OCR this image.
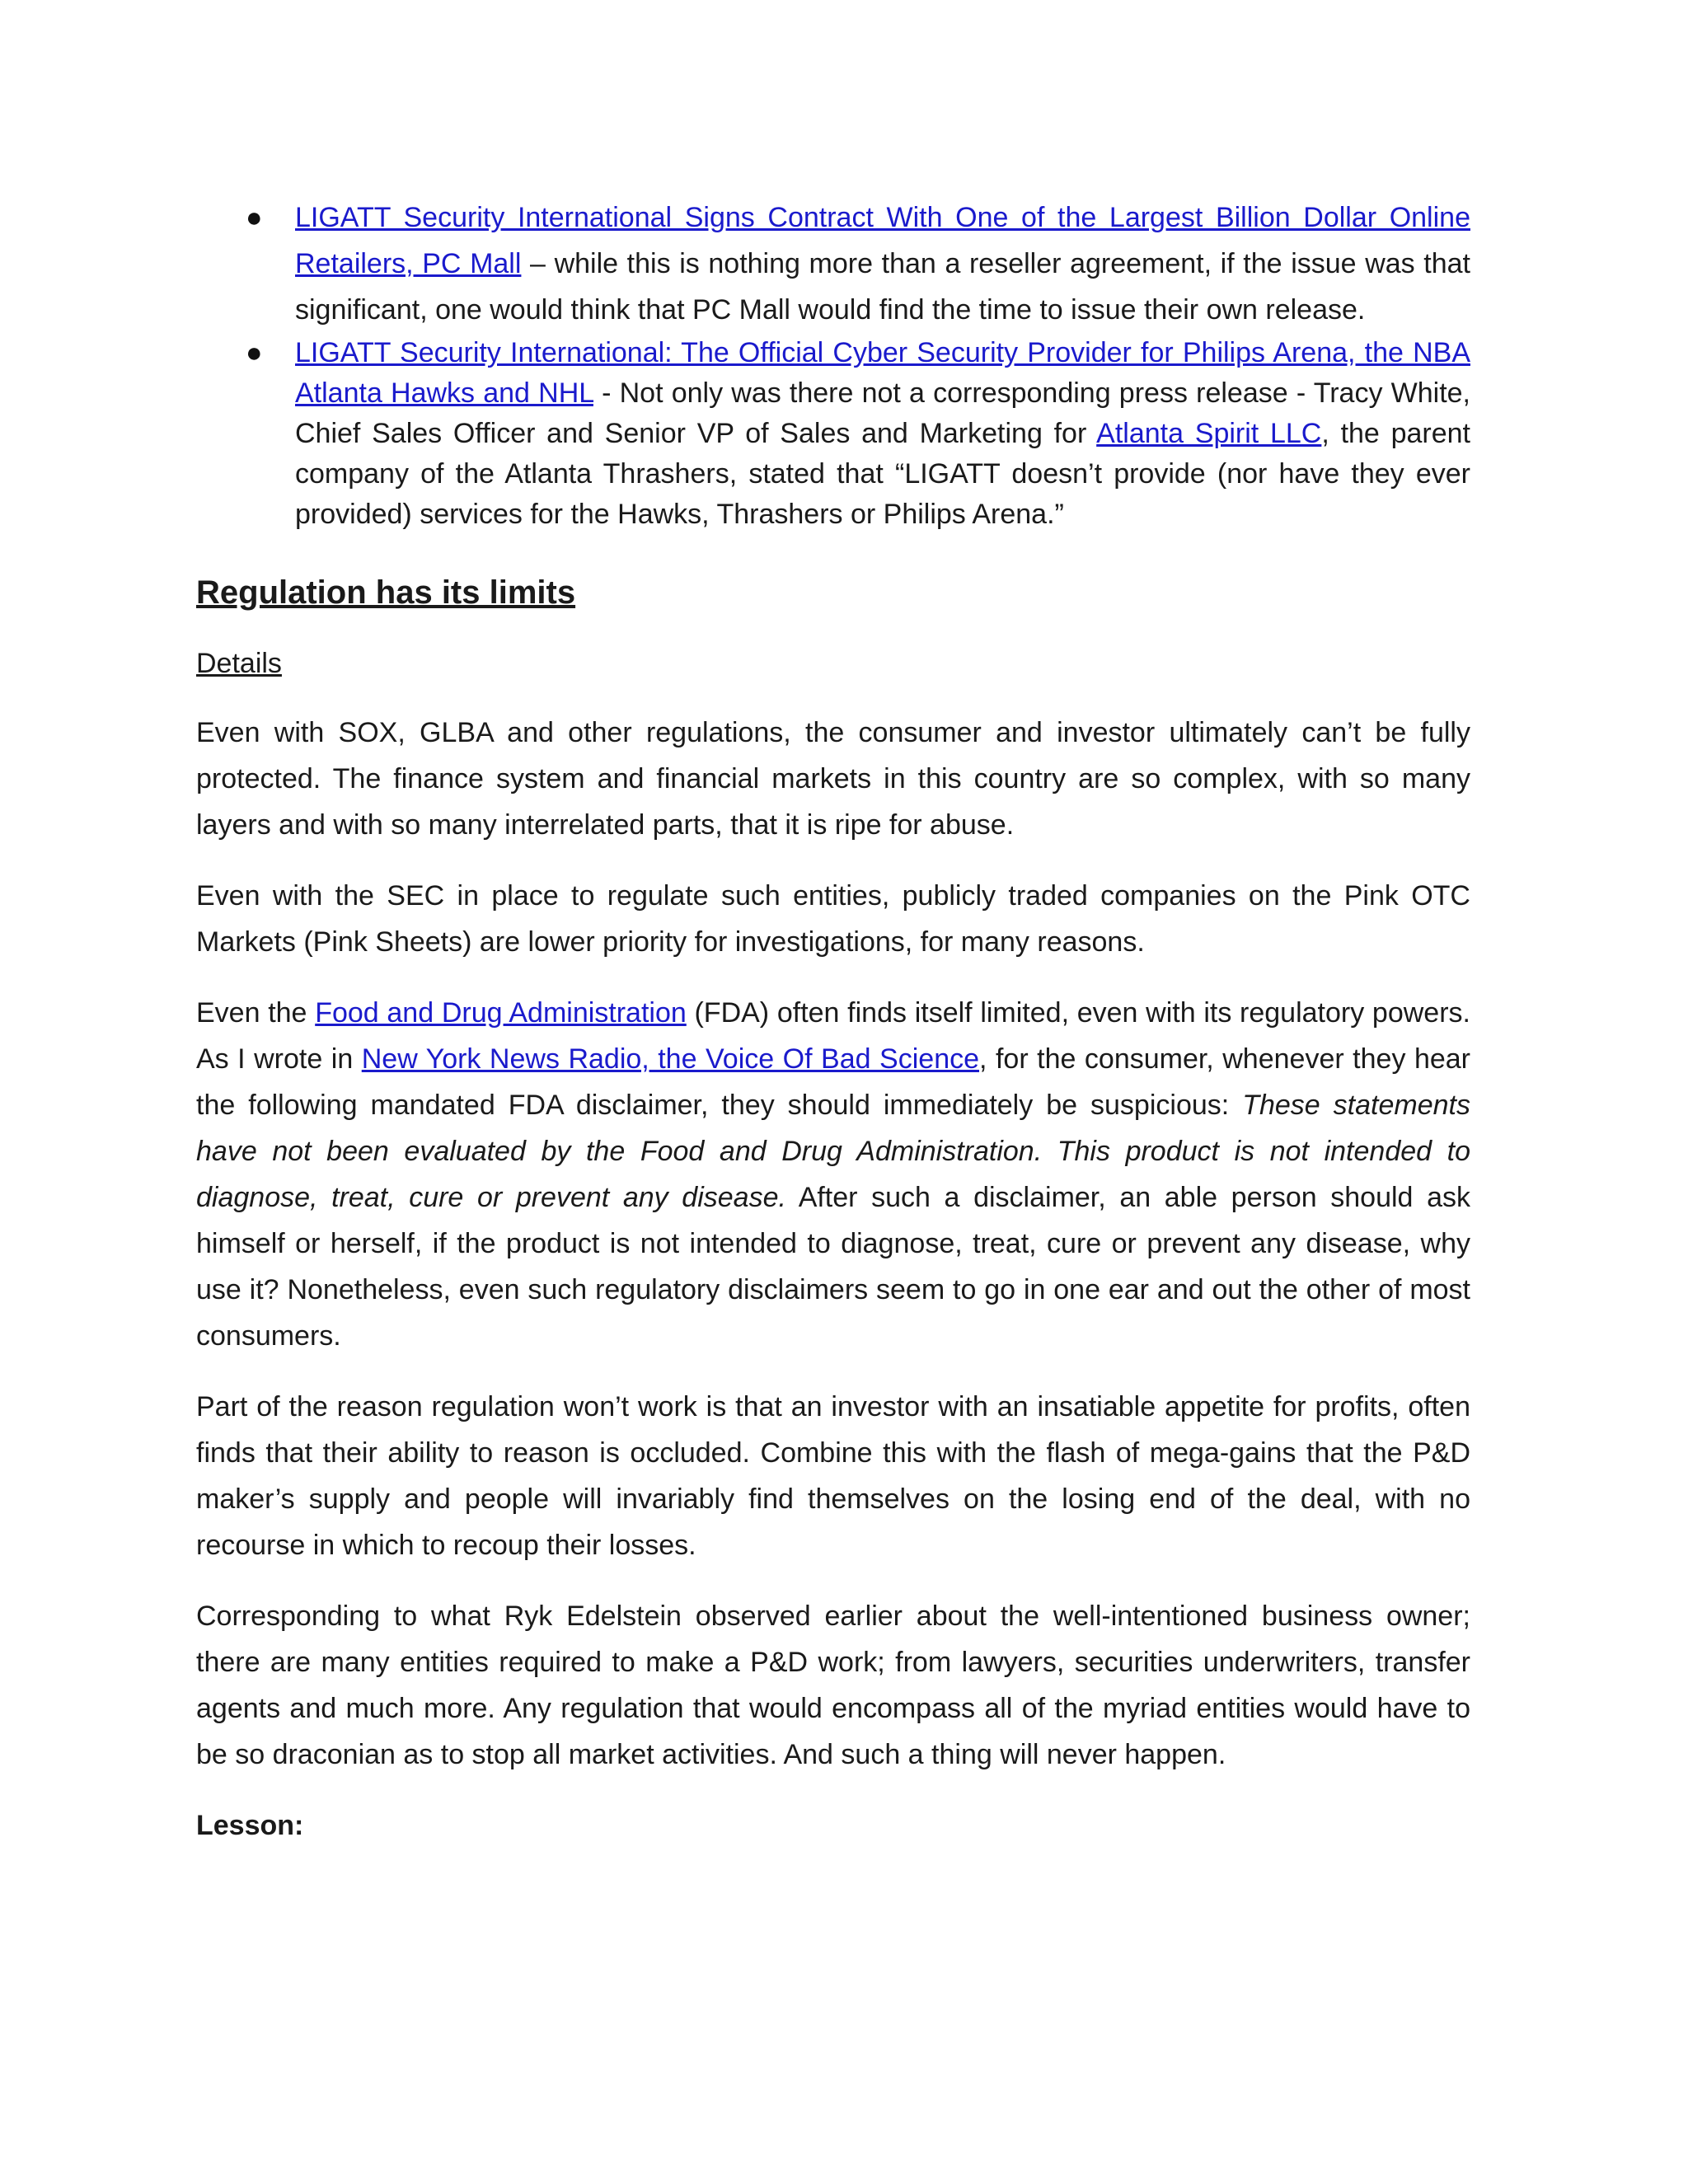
● LIGATT Security International Signs Contract With One of the Largest Billion Dollar Online Retailers, PC Mall – while this is nothing more than a reseller agreement, if the issue was that significant, one would think that PC Mall would find the time to issue their own release.
● LIGATT Security International: The Official Cyber Security Provider for Philips Arena, the NBA Atlanta Hawks and NHL - Not only was there not a corresponding press release - Tracy White, Chief Sales Officer and Senior VP of Sales and Marketing for Atlanta Spirit LLC, the parent company of the Atlanta Thrashers, stated that “LIGATT doesn’t provide (nor have they ever provided) services for the Hawks, Thrashers or Philips Arena.”
Regulation has its limits
Details

Even with SOX, GLBA and other regulations, the consumer and investor ultimately can’t be fully protected. The finance system and financial markets in this country are so complex, with so many layers and with so many interrelated parts, that it is ripe for abuse.

Even with the SEC in place to regulate such entities, publicly traded companies on the Pink OTC Markets (Pink Sheets) are lower priority for investigations, for many reasons.

Even the Food and Drug Administration (FDA) often finds itself limited, even with its regulatory powers. As I wrote in New York News Radio, the Voice Of Bad Science, for the consumer, whenever they hear the following mandated FDA disclaimer, they should immediately be suspicious: These statements have not been evaluated by the Food and Drug Administration. This product is not intended to diagnose, treat, cure or prevent any disease. After such a disclaimer, an able person should ask himself or herself, if the product is not intended to diagnose, treat, cure or prevent any disease, why use it? Nonetheless, even such regulatory disclaimers seem to go in one ear and out the other of most consumers.

Part of the reason regulation won’t work is that an investor with an insatiable appetite for profits, often finds that their ability to reason is occluded. Combine this with the flash of mega-gains that the P&D maker’s supply and people will invariably find themselves on the losing end of the deal, with no recourse in which to recoup their losses.

Corresponding to what Ryk Edelstein observed earlier about the well-intentioned business owner; there are many entities required to make a P&D work; from lawyers, securities underwriters, transfer agents and much more. Any regulation that would encompass all of the myriad entities would have to be so draconian as to stop all market activities. And such a thing will never happen.

Lesson:
